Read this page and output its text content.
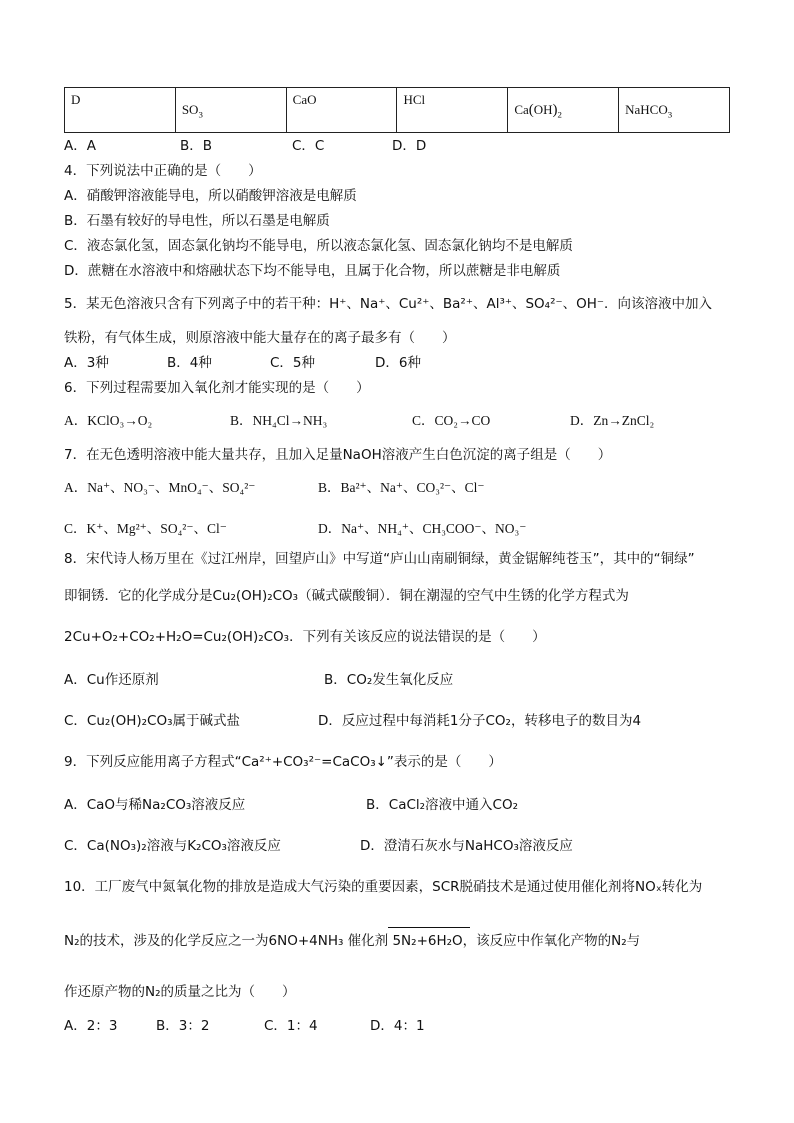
D	$SO_3$	CaO	HCl	$Ca(OH)_2$	NaHCO$_3$
A．A	B．B	C．C	D．D
4．下列说法中正确的是（　　）
A．硝酸钾溶液能导电，所以硝酸钾溶液是电解质
B．石墨有较好的导电性，所以石墨是电解质
C．液态氯化氢，固态氯化钠均不能导电，所以液态氯化氢、固态氯化钠均不是电解质
D．蔗糖在水溶液中和熔融状态下均不能导电，且属于化合物，所以蔗糖是非电解质
5．某无色溶液只含有下列离子中的若干种：H⁺、Na⁺、Cu²⁺、Ba²⁺、Al³⁺、SO₄²⁻、OH⁻．向该溶液中加入
铁粉，有气体生成，则原溶液中能大量存在的离子最多有（　　）
A．3种	B．4种	C．5种	D．6种
6．下列过程需要加入氧化剂才能实现的是（　　）
A．KClO₃→O₂	B．NH₄Cl→NH₃	C．CO₂→CO	D．Zn→ZnCl₂
7．在无色透明溶液中能大量共存，且加入足量NaOH溶液产生白色沉淀的离子组是（　　）
A．Na⁺、NO₃⁻、MnO₄⁻、SO₄²⁻	B．Ba²⁺、Na⁺、CO₃²⁻、Cl⁻
C．K⁺、Mg²⁺、SO₄²⁻、Cl⁻	D．Na⁺、NH₄⁺、CH₃COO⁻、NO₃⁻
8．宋代诗人杨万里在《过江州岸，回望庐山》中写道“庐山山南刷铜绿，黄金锯解纯苍玉”，其中的“铜绿”
即铜锈．它的化学成分是Cu₂(OH)₂CO₃（碱式碳酸铜）．铜在潮湿的空气中生锈的化学方程式为
2Cu+O₂+CO₂+H₂O=Cu₂(OH)₂CO₃．下列有关该反应的说法错误的是（　　）
A．Cu作还原剂	B．CO₂发生氧化反应
C．Cu₂(OH)₂CO₃属于碱式盐	D．反应过程中每消耗1分子CO₂，转移电子的数目为4
9．下列反应能用离子方程式“Ca²⁺+CO₃²⁻=CaCO₃↓”表示的是（　　）
A．CaO与稀Na₂CO₃溶液反应	B．CaCl₂溶液中通入CO₂
C．Ca(NO₃)₂溶液与K₂CO₃溶液反应	D．澄清石灰水与NaHCO₃溶液反应
10．工厂废气中氮氧化物的排放是造成大气污染的重要因素，SCR脱硝技术是通过使用催化剂将NOₓ转化为
N₂的技术，涉及的化学反应之一为6NO+4NH₃ 催化剂 5N₂+6H₂O，该反应中作氧化产物的N₂与
作还原产物的N₂的质量之比为（　　）
A．2：3	B．3：2	C．1：4	D．4：1
